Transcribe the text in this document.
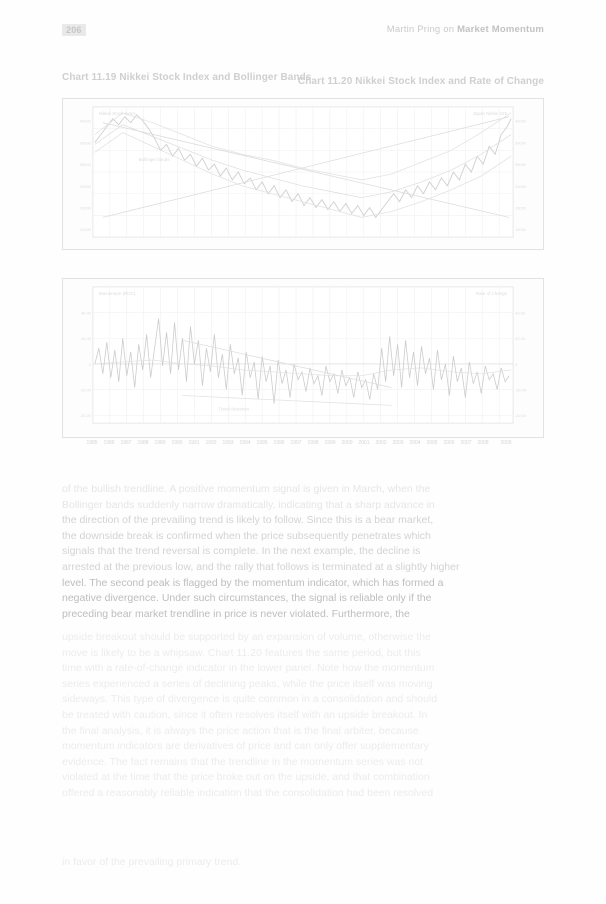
206	Martin Pring on Market Momentum
Chart 11.19 Nikkei Stock Index and Bollinger Bands
Chart 11.20 Nikkei Stock Index and Rate of Change
Nikkei Stock Index	Japan Nikkei 225
Bollinger bands
40000
30000
25000
20000
15000
10000
40000
30000
25000
20000
15000
10000
Momentum (ROC)	Rate of Change
Trend deviation
40.00
20.00
0
-20.00
-40.00
40.00
20.00
0
-20.00
-40.00
1985 1986 1987 1988 1989 1990 1991 1992 1993 1994 1995 1996 1997 1998 1999 2000 2001 2002 2003 2004 2005 2006 2007 2008 2009
of the bullish trendline. A positive momentum signal is given in March, when the
Bollinger bands suddenly narrow dramatically, indicating that a sharp advance in
the direction of the prevailing trend is likely to follow. Since this is a bear market,
the downside break is confirmed when the price subsequently penetrates which
signals that the trend reversal is complete. In the next example, the decline is
arrested at the previous low, and the rally that follows is terminated at a slightly higher
level. The second peak is flagged by the momentum indicator, which has formed a
negative divergence. Under such circumstances, the signal is reliable only if the
preceding bear market trendline in price is never violated. Furthermore, the
upside breakout should be supported by an expansion of volume, otherwise the
move is likely to be a whipsaw. Chart 11.20 features the same period, but this
time with a rate-of-change indicator in the lower panel. Note how the momentum
series experienced a series of declining peaks, while the price itself was moving
sideways. This type of divergence is quite common in a consolidation and should
be treated with caution, since it often resolves itself with an upside breakout. In
the final analysis, it is always the price action that is the final arbiter, because
momentum indicators are derivatives of price and can only offer supplementary
evidence. The fact remains that the trendline in the momentum series was not
violated at the time that the price broke out on the upside, and that combination
offered a reasonably reliable indication that the consolidation had been resolved
in favor of the prevailing primary trend.
